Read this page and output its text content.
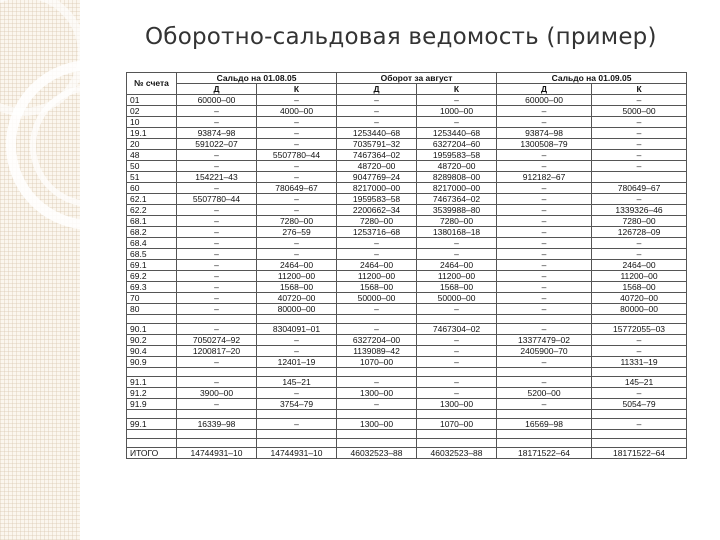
Оборотно-сальдовая ведомость (пример)
№ счета	Сальдо на 01.08.05		Оборот за август		Сальдо на 01.09.05	
	Д	К	Д	К	Д	К
01	60000–00	–	–	–	60000–00	–
02	–	4000–00	–	1000–00	–	5000–00
10	–	–	–	–	–	–
19.1	93874–98	–	1253440–68	1253440–68	93874–98	–
20	591022–07	–	7035791–32	6327204–60	1300508–79	–
48	–	5507780–44	7467364–02	1959583–58	–	–
50	–	–	48720–00	48720–00	–	–
51	154221–43	–	9047769–24	8289808–00	912182–67	
60	–	780649–67	8217000–00	8217000–00	–	780649–67
62.1	5507780–44	–	1959583–58	7467364–02	–	–
62.2	–	–	2200662–34	3539988–80	–	1339326–46
68.1	–	7280–00	7280–00	7280–00	–	7280–00
68.2	–	276–59	1253716–68	1380168–18	–	126728–09
68.4	–	–	–	–	–	–
68.5	–	–	–	–	–	–
69.1	–	2464–00	2464–00	2464–00	–	2464–00
69.2	–	11200–00	11200–00	11200–00	–	11200–00
69.3	–	1568–00	1568–00	1568–00	–	1568–00
70	–	40720–00	50000–00	50000–00	–	40720–00
80	–	80000–00	–	–	–	80000–00

90.1	–	8304091–01	–	7467304–02	–	15772055–03
90.2	7050274–92	–	6327204–00	–	13377479–02	–
90.4	1200817–20	–	1139089–42	–	2405900–70	–
90.9	–	12401–19	1070–00	–	–	11331–19

91.1	–	145–21	–	–	–	145–21
91.2	3900–00	–	1300–00	–	5200–00	–
91.9	–	3754–79	–	1300–00	–	5054–79

99.1	16339–98	–	1300–00	1070–00	16569–98	–

ИТОГО	14744931–10	14744931–10	46032523–88	46032523–88	18171522–64	18171522–64
